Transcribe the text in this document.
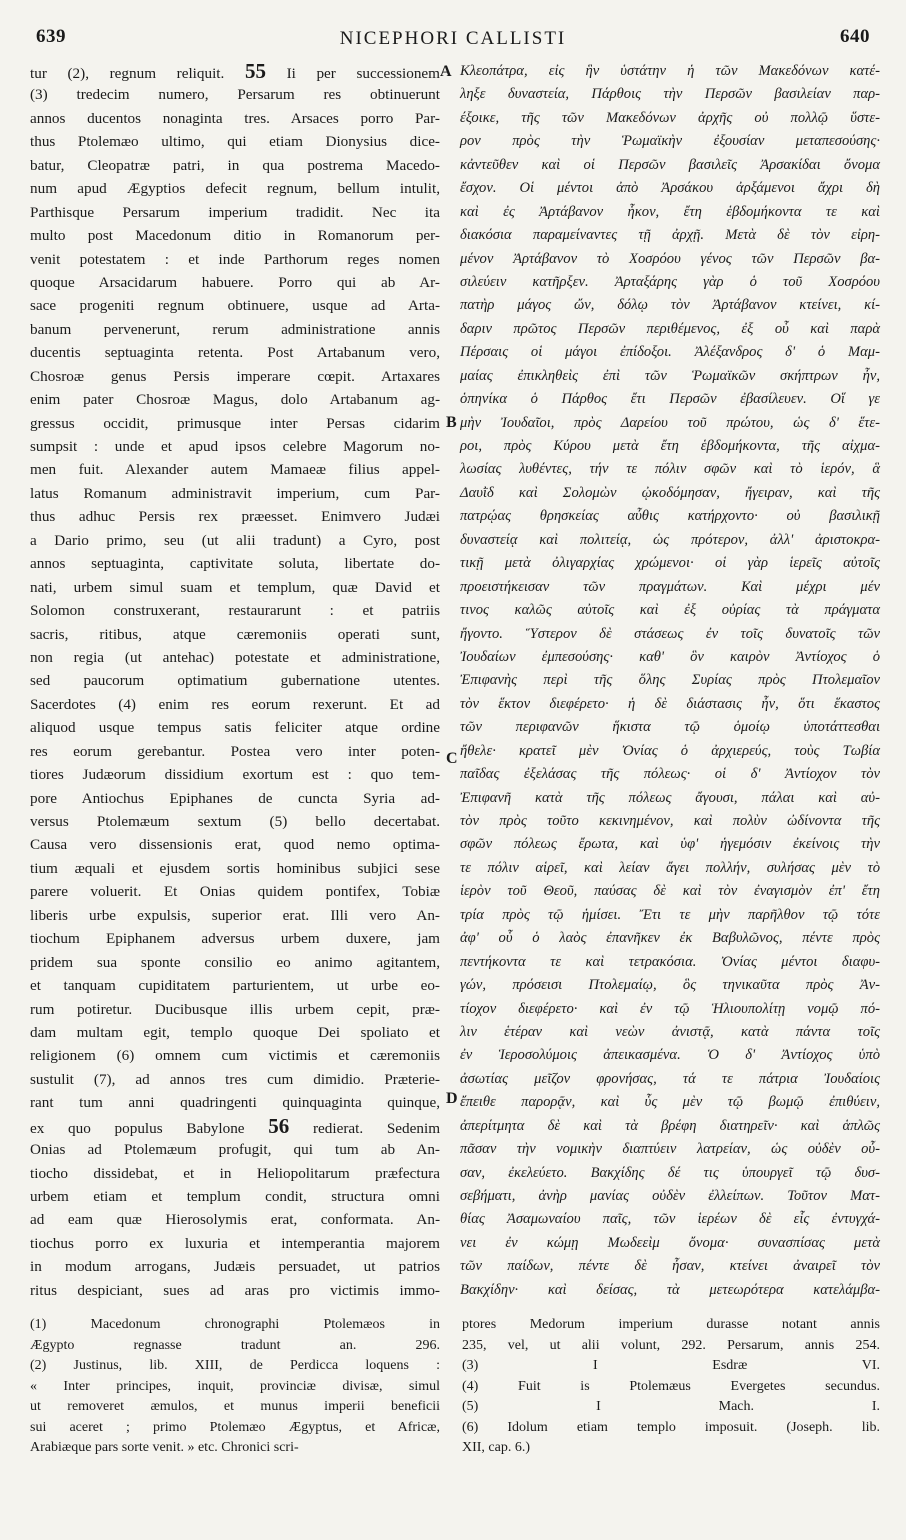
639	NICEPHORI CALLISTI	640
A
B
C
D
tur (2), regnum reliquit. 55 Ii per successionem
(3) tredecim numero, Persarum res obtinuerunt
annos ducentos nonaginta tres. Arsaces porro Par-
thus Ptolemæo ultimo, qui etiam Dionysius dice-
batur, Cleopatræ patri, in qua postrema Macedo-
num apud Ægyptios defecit regnum, bellum intulit,
Parthisque Persarum imperium tradidit. Nec ita
multo post Macedonum ditio in Romanorum per-
venit potestatem : et inde Parthorum reges nomen
quoque Arsacidarum habuere. Porro qui ab Ar-
sace progeniti regnum obtinuere, usque ad Arta-
banum pervenerunt, rerum administratione annis
ducentis septuaginta retenta. Post Artabanum vero,
Chosroæ genus Persis imperare cœpit. Artaxares
enim pater Chosroæ Magus, dolo Artabanum ag-
gressus occidit, primusque inter Persas cidarim
sumpsit : unde et apud ipsos celebre Magorum no-
men fuit. Alexander autem Mamaeæ filius appel-
latus Romanum administravit imperium, cum Par-
thus adhuc Persis rex præesset. Enimvero Judæi
a Dario primo, seu (ut alii tradunt) a Cyro, post
annos septuaginta, captivitate soluta, libertate do-
nati, urbem simul suam et templum, quæ David et
Solomon construxerant, restaurarunt : et patriis
sacris, ritibus, atque cæremoniis operati sunt,
non regia (ut antehac) potestate et administratione,
sed paucorum optimatium gubernatione utentes.
Sacerdotes (4) enim res eorum rexerunt. Et ad
aliquod usque tempus satis feliciter atque ordine
res eorum gerebantur. Postea vero inter poten-
tiores Judæorum dissidium exortum est : quo tem-
pore Antiochus Epiphanes de cuncta Syria ad-
versus Ptolemæum sextum (5) bello decertabat.
Causa vero dissensionis erat, quod nemo optima-
tium æquali et ejusdem sortis hominibus subjici sese
parere voluerit. Et Onias quidem pontifex, Tobiæ
liberis urbe expulsis, superior erat. Illi vero An-
tiochum Epiphanem adversus urbem duxere, jam
pridem sua sponte consilio eo animo agitantem,
et tanquam cupiditatem parturientem, ut urbe eo-
rum potiretur. Ducibusque illis urbem cepit, præ-
dam multam egit, templo quoque Dei spoliato et
religionem (6) omnem cum victimis et cæremoniis
sustulit (7), ad annos tres cum dimidio. Præterie-
rant tum anni quadringenti quinquaginta quinque,
ex quo populus Babylone 56 redierat. Sedenim
Onias ad Ptolemæum profugit, qui tum ab An-
tiocho dissidebat, et in Heliopolitarum præfectura
urbem etiam et templum condit, structura omni
ad eam quæ Hierosolymis erat, conformata. An-
tiochus porro ex luxuria et intemperantia majorem
in modum arrogans, Judæis persuadet, ut patrios
ritus despiciant, sues ad aras pro victimis immo-
Κλεοπάτρα, εἰς ἣν ὑστάτην ἡ τῶν Μακεδόνων κατέ-
ληξε δυναστεία, Πάρθοις τὴν Περσῶν βασιλείαν παρ-
έξοικε, τῆς τῶν Μακεδόνων ἀρχῆς οὐ πολλῷ ὕστε-
ρον πρὸς τὴν Ῥωμαϊκὴν ἐξουσίαν μεταπεσούσης·
κἀντεῦθεν καὶ οἱ Περσῶν βασιλεῖς Ἀρσακίδαι ὄνομα
ἔσχον. Οἱ μέντοι ἀπὸ Ἀρσάκου ἀρξάμενοι ἄχρι δὴ
καὶ ἐς Ἀρτάβανον ἧκον, ἔτη ἑβδομήκοντα τε καὶ
διακόσια παραμείναντες τῇ ἀρχῇ. Μετὰ δὲ τὸν εἰρη-
μένον Ἀρτάβανον τὸ Χοσρόου γένος τῶν Περσῶν βα-
σιλεύειν κατῆρξεν. Ἀρταξάρης γὰρ ὁ τοῦ Χοσρόου
πατὴρ μάγος ὤν, δόλῳ τὸν Ἀρτάβανον κτείνει, κί-
δαριν πρῶτος Περσῶν περιθέμενος, ἐξ οὗ καὶ παρὰ
Πέρσαις οἱ μάγοι ἐπίδοξοι. Ἀλέξανδρος δ' ὁ Μαμ-
μαίας ἐπικληθεὶς ἐπὶ τῶν Ῥωμαϊκῶν σκήπτρων ἦν,
ὁπηνίκα ὁ Πάρθος ἔτι Περσῶν ἐβασίλευεν. Οἵ γε
μὴν Ἰουδαῖοι, πρὸς Δαρείου τοῦ πρώτου, ὡς δ' ἕτε-
ροι, πρὸς Κύρου μετὰ ἔτη ἑβδομήκοντα, τῆς αἰχμα-
λωσίας λυθέντες, τήν τε πόλιν σφῶν καὶ τὸ ἱερόν, ἃ
Δαυῒδ καὶ Σολομὼν ᾠκοδόμησαν, ἤγειραν, καὶ τῆς
πατρῴας θρησκείας αὖθις κατήρχοντο· οὐ βασιλικῇ
δυναστείᾳ καὶ πολιτείᾳ, ὡς πρότερον, ἀλλ' ἀριστοκρα-
τικῇ μετὰ ὀλιγαρχίας χρώμενοι· οἱ γὰρ ἱερεῖς αὐτοῖς
προειστήκεισαν τῶν πραγμάτων. Καὶ μέχρι μέν
τινος καλῶς αὐτοῖς καὶ ἐξ οὐρίας τὰ πράγματα
ἤγοντο. Ὕστερον δὲ στάσεως ἐν τοῖς δυνατοῖς τῶν
Ἰουδαίων ἐμπεσούσης· καθ' ὃν καιρὸν Ἀντίοχος ὁ
Ἐπιφανὴς περὶ τῆς ὅλης Συρίας πρὸς Πτολεμαῖον
τὸν ἕκτον διεφέρετο· ἡ δὲ διάστασις ἦν, ὅτι ἕκαστος
τῶν περιφανῶν ἥκιστα τῷ ὁμοίῳ ὑποτάττεσθαι
ἤθελε· κρατεῖ μὲν Ὀνίας ὁ ἀρχιερεύς, τοὺς Τωβία
παῖδας ἐξελάσας τῆς πόλεως· οἱ δ' Ἀντίοχον τὸν
Ἐπιφανῆ κατὰ τῆς πόλεως ἄγουσι, πάλαι καὶ αὐ-
τὸν πρὸς τοῦτο κεκινημένον, καὶ πολὺν ὠδίνοντα τῆς
σφῶν πόλεως ἔρωτα, καὶ ὑφ' ἡγεμόσιν ἐκείνοις τὴν
τε πόλιν αἱρεῖ, καὶ λείαν ἄγει πολλήν, συλήσας μὲν τὸ
ἱερὸν τοῦ Θεοῦ, παύσας δὲ καὶ τὸν ἐναγισμὸν ἐπ' ἔτη
τρία πρὸς τῷ ἡμίσει. Ἔτι τε μὴν παρῆλθον τῷ τότε
ἀφ' οὗ ὁ λαὸς ἐπανῆκεν ἐκ Βαβυλῶνος, πέντε πρὸς
πεντήκοντα τε καὶ τετρακόσια. Ὀνίας μέντοι διαφυ-
γών, πρόσεισι Πτολεμαίῳ, ὃς τηνικαῦτα πρὸς Ἀν-
τίοχον διεφέρετο· καὶ ἐν τῷ Ἡλιουπολίτῃ νομῷ πό-
λιν ἑτέραν καὶ νεὼν ἀνιστᾷ, κατὰ πάντα τοῖς
ἐν Ἱεροσολύμοις ἀπεικασμένα. Ὁ δ' Ἀντίοχος ὑπὸ
ἀσωτίας μεῖζον φρονήσας, τά τε πάτρια Ἰουδαίοις
ἔπειθε παρορᾷν, καὶ ὗς μὲν τῷ βωμῷ ἐπιθύειν,
ἀπερίτμητα δὲ καὶ τὰ βρέφη διατηρεῖν· καὶ ἁπλῶς
πᾶσαν τὴν νομικὴν διαπτύειν λατρείαν, ὡς οὐδὲν οὖ-
σαν, ἐκελεύετο. Βακχίδης δέ τις ὑπουργεῖ τῷ δυσ-
σεβήματι, ἀνὴρ μανίας οὐδὲν ἐλλείπων. Τοῦτον Ματ-
θίας Ἀσαμωναίου παῖς, τῶν ἱερέων δὲ εἷς ἐντυγχά-
νει ἐν κώμῃ Μωδεεὶμ ὄνομα· συνασπίσας μετὰ
τῶν παίδων, πέντε δὲ ἦσαν, κτείνει ἀναιρεῖ τὸν
Βακχίδην· καὶ δείσας, τὰ μετεωρότερα κατελάμβα-
(1) Macedonum chronographi Ptolemæos in
Ægypto regnasse tradunt an. 296.
(2) Justinus, lib. XIII, de Perdicca loquens :
« Inter principes, inquit, provinciæ divisæ, simul
ut removeret æmulos, et munus imperii beneficii
sui aceret ; primo Ptolemæo Ægyptus, et Africæ,
Arabiæque pars sorte venit. » etc. Chronici scri-
ptores Medorum imperium durasse notant annis
235, vel, ut alii volunt, 292. Persarum, annis 254.
(3) I Esdræ VI.
(4) Fuit is Ptolemæus Evergetes secundus.
(5) I Mach. I.
(6) Idolum etiam templo imposuit. (Joseph. lib.
XII, cap. 6.)
